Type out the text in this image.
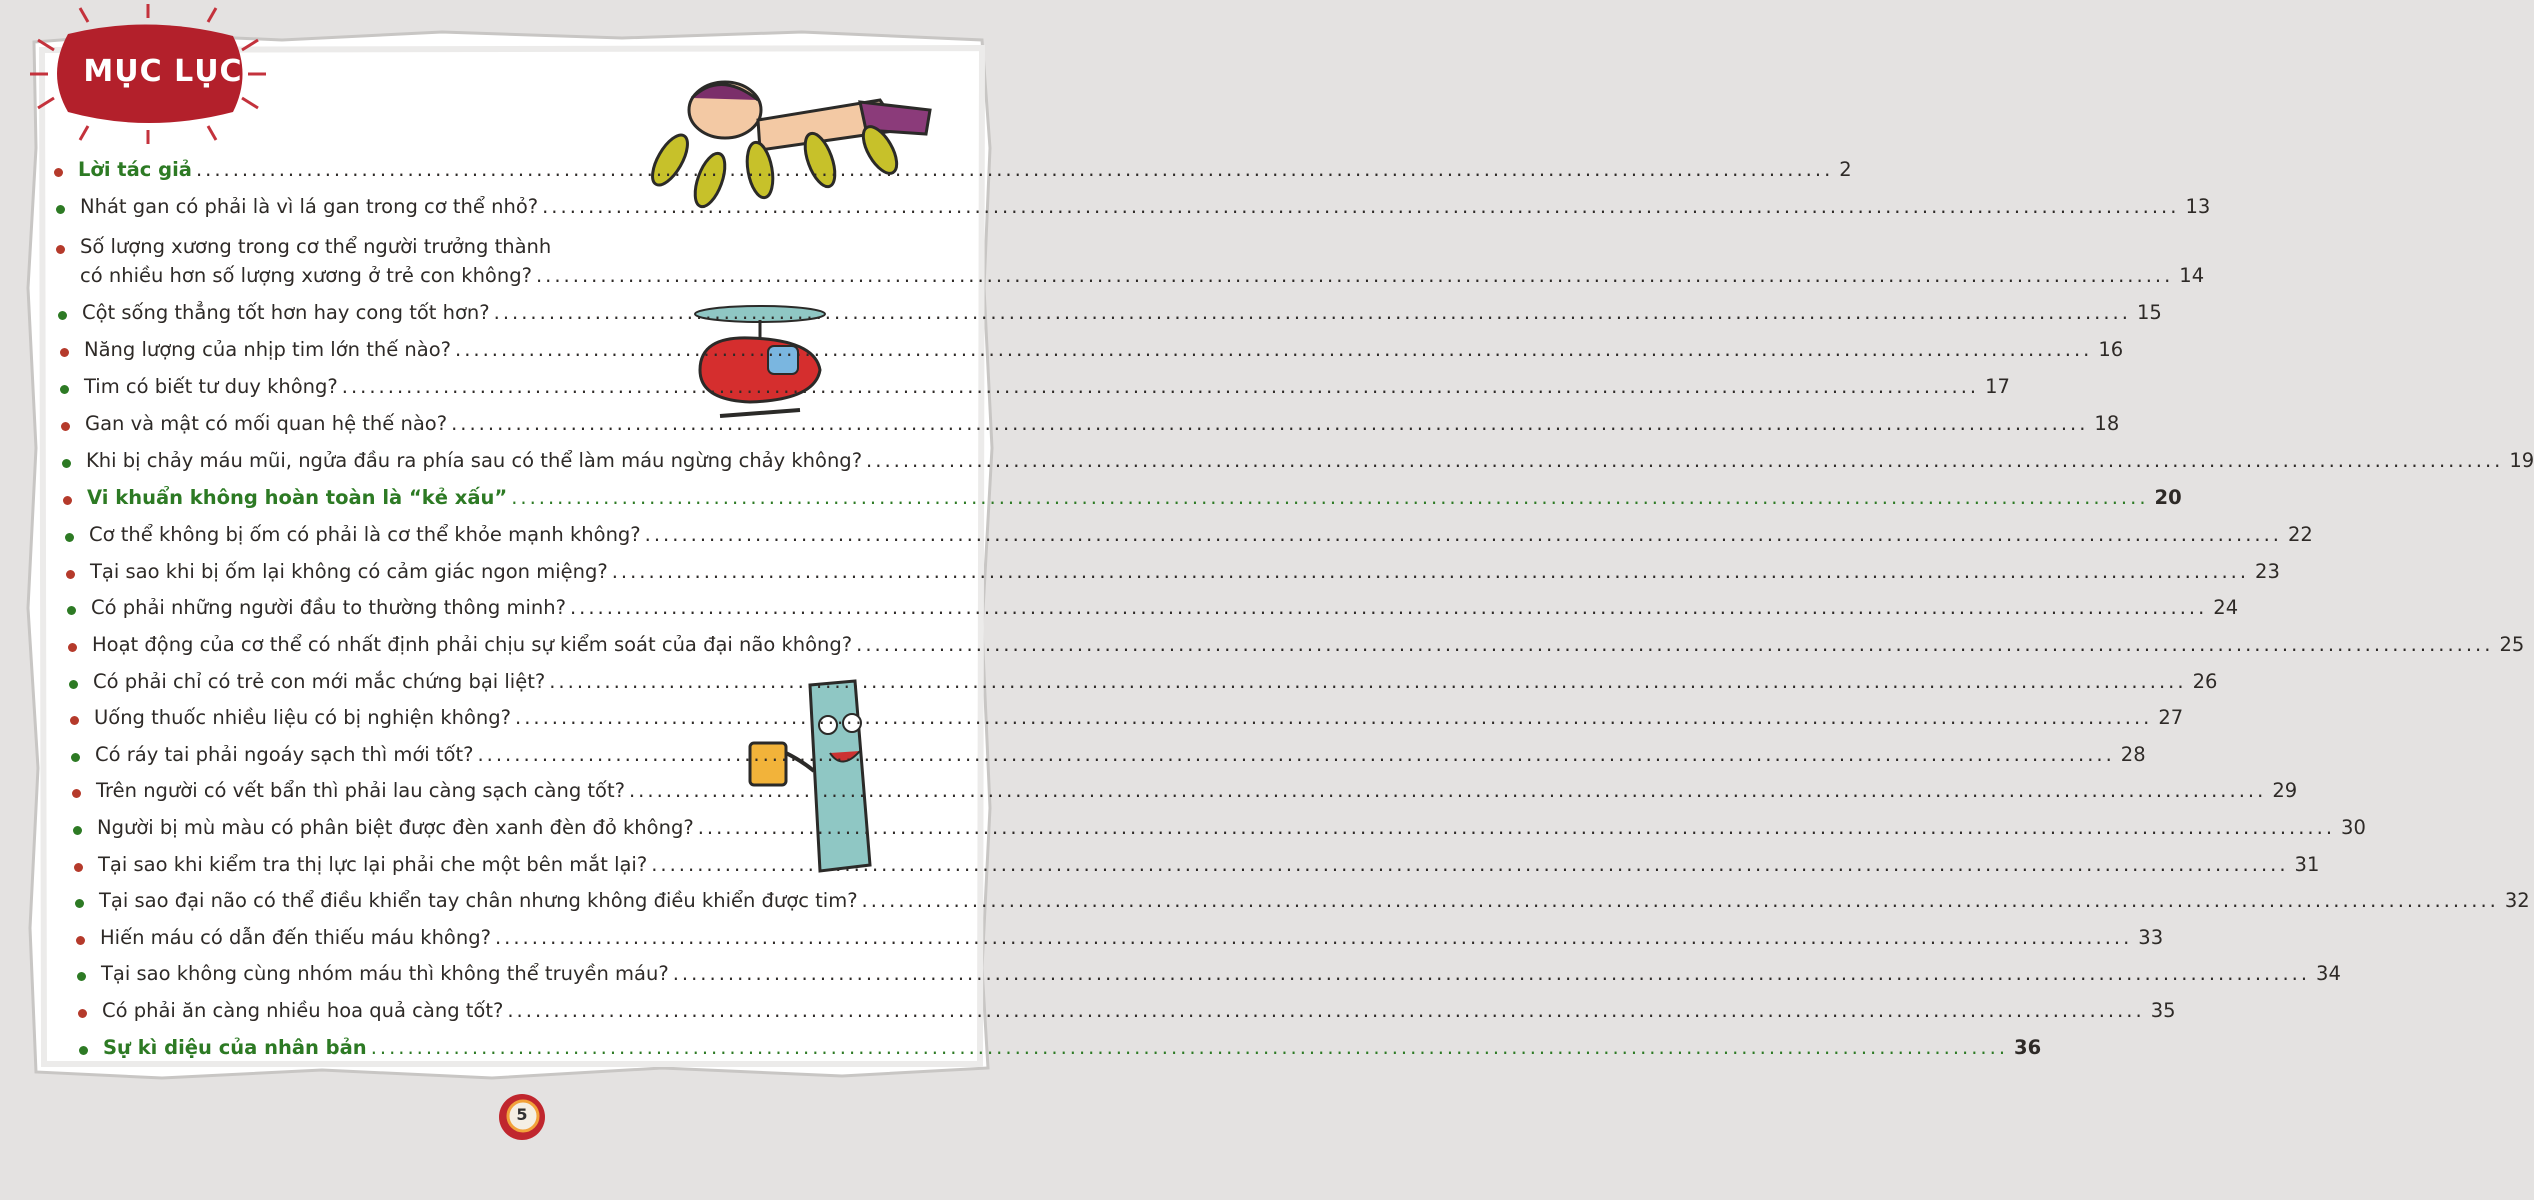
MỤC LỤC
Lời tác giả .................................................................................................................................................................................. 2
Nhát gan có phải là vì lá gan trong cơ thể nhỏ? .................................................................................................................................................................................. 13
Số lượng xương trong cơ thể người trưởng thành
có nhiều hơn số lượng xương ở trẻ con không? .................................................................................................................................................................................. 14
Cột sống thẳng tốt hơn hay cong tốt hơn? .................................................................................................................................................................................. 15
Năng lượng của nhịp tim lớn thế nào? .................................................................................................................................................................................. 16
Tim có biết tư duy không? .................................................................................................................................................................................. 17
Gan và mật có mối quan hệ thế nào? .................................................................................................................................................................................. 18
Khi bị chảy máu mũi, ngửa đầu ra phía sau có thể làm máu ngừng chảy không? .................................................................................................................................................................................. 19
Vi khuẩn không hoàn toàn là “kẻ xấu” .................................................................................................................................................................................. 20
Cơ thể không bị ốm có phải là cơ thể khỏe mạnh không? .................................................................................................................................................................................. 22
Tại sao khi bị ốm lại không có cảm giác ngon miệng? .................................................................................................................................................................................. 23
Có phải những người đầu to thường thông minh? .................................................................................................................................................................................. 24
Hoạt động của cơ thể có nhất định phải chịu sự kiểm soát của đại não không? .................................................................................................................................................................................. 25
Có phải chỉ có trẻ con mới mắc chứng bại liệt? .................................................................................................................................................................................. 26
Uống thuốc nhiều liệu có bị nghiện không? .................................................................................................................................................................................. 27
Có ráy tai phải ngoáy sạch thì mới tốt? .................................................................................................................................................................................. 28
Trên người có vết bẩn thì phải lau càng sạch càng tốt? .................................................................................................................................................................................. 29
Người bị mù màu có phân biệt được đèn xanh đèn đỏ không? .................................................................................................................................................................................. 30
Tại sao khi kiểm tra thị lực lại phải che một bên mắt lại? .................................................................................................................................................................................. 31
Tại sao đại não có thể điều khiển tay chân nhưng không điều khiển được tim? .................................................................................................................................................................................. 32
Hiến máu có dẫn đến thiếu máu không? .................................................................................................................................................................................. 33
Tại sao không cùng nhóm máu thì không thể truyền máu? .................................................................................................................................................................................. 34
Có phải ăn càng nhiều hoa quả càng tốt? .................................................................................................................................................................................. 35
Sự kì diệu của nhân bản .................................................................................................................................................................................. 36
5
